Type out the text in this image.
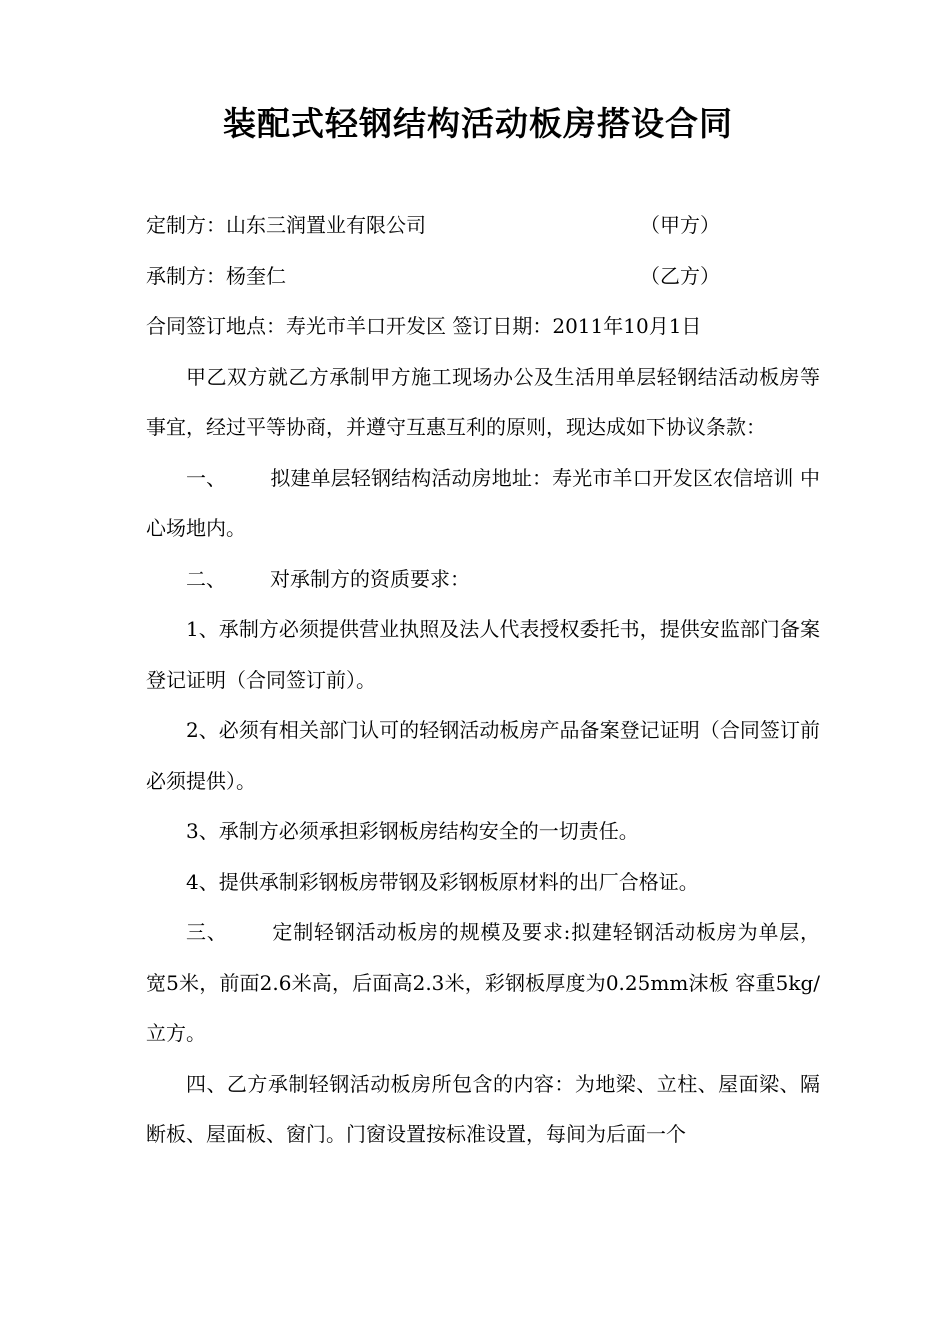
装配式轻钢结构活动板房搭设合同
定制方：山东三润置业有限公司	（甲方）
承制方：杨奎仁	（乙方）
合同签订地点：寿光市羊口开发区 签订日期：2011年10月1日
甲乙双方就乙方承制甲方施工现场办公及生活用单层轻钢结活动板房等事宜，经过平等协商，并遵守互惠互利的原则，现达成如下协议条款：
一、 拟建单层轻钢结构活动房地址：寿光市羊口开发区农信培训 中心场地内。
二、 对承制方的资质要求：
1、承制方必须提供营业执照及法人代表授权委托书，提供安监部门备案登记证明（合同签订前）。
2、必须有相关部门认可的轻钢活动板房产品备案登记证明（合同签订前必须提供）。
3、承制方必须承担彩钢板房结构安全的一切责任。
4、提供承制彩钢板房带钢及彩钢板原材料的出厂合格证。
三、 定制轻钢活动板房的规模及要求:拟建轻钢活动板房为单层， 宽5米，前面2.6米高，后面高2.3米，彩钢板厚度为0.25mm沫板 容重5kg/立方。
四、乙方承制轻钢活动板房所包含的内容：为地梁、立柱、屋面梁、隔断板、屋面板、窗门。门窗设置按标准设置，每间为后面一个
